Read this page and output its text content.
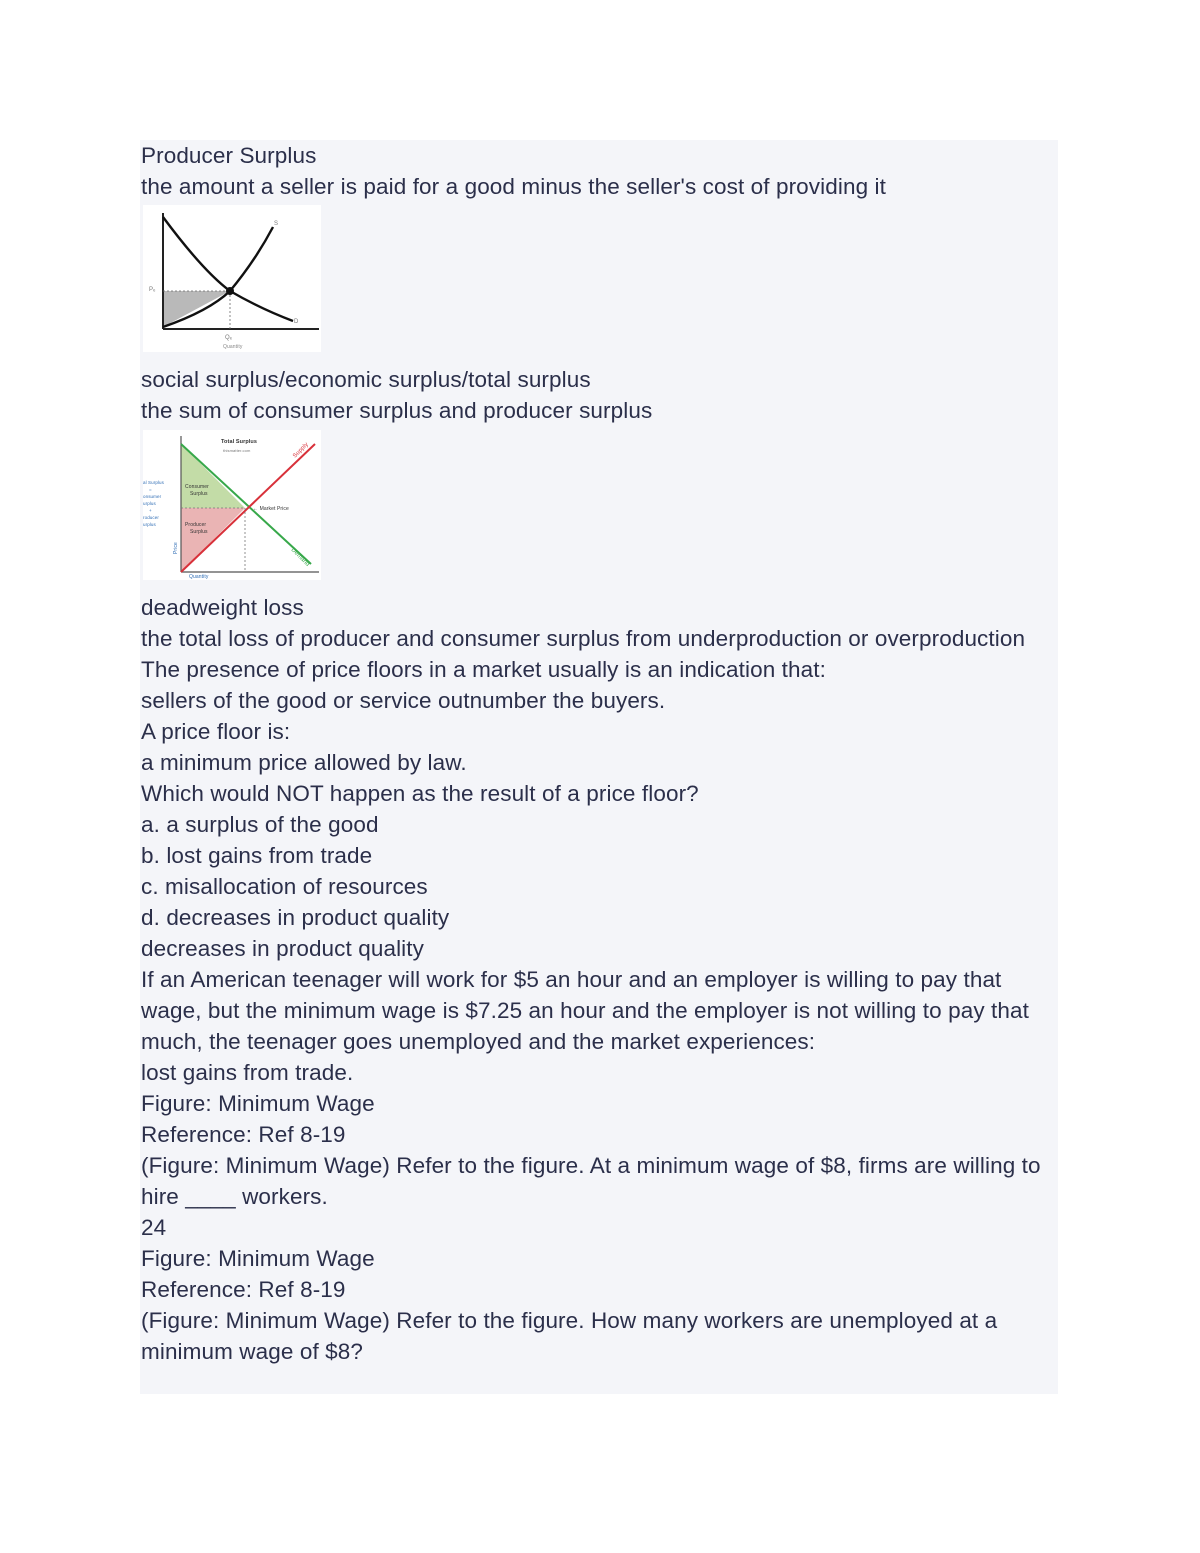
Producer Surplus

the amount a seller is paid for a good minus the seller's cost of providing it

S
D
Pₑ
Qₑ
Quantity

social surplus/economic surplus/total surplus

the sum of consumer surplus and producer surplus

Total Surplus
thismatter.com	Supply
Demand
Consumer
Surplus
Producer
Surplus
← Market Price
Price
Quantity
al Surplus
=
onsumer
urplus
+
roducer
urplus

deadweight loss

the total loss of producer and consumer surplus from underproduction or overproduction

The presence of price floors in a market usually is an indication that:

sellers of the good or service outnumber the buyers.

A price floor is:

a minimum price allowed by law.

Which would NOT happen as the result of a price floor?

a. a surplus of the good

b. lost gains from trade

c. misallocation of resources

d. decreases in product quality

decreases in product quality

If an American teenager will work for $5 an hour and an employer is willing to pay that wage, but the minimum wage is $7.25 an hour and the employer is not willing to pay that much, the teenager goes unemployed and the market experiences:

lost gains from trade.

Figure: Minimum Wage

Reference: Ref 8-19

(Figure: Minimum Wage) Refer to the figure. At a minimum wage of $8, firms are willing to hire ____ workers.

24

Figure: Minimum Wage

Reference: Ref 8-19

(Figure: Minimum Wage) Refer to the figure. How many workers are unemployed at a minimum wage of $8?
